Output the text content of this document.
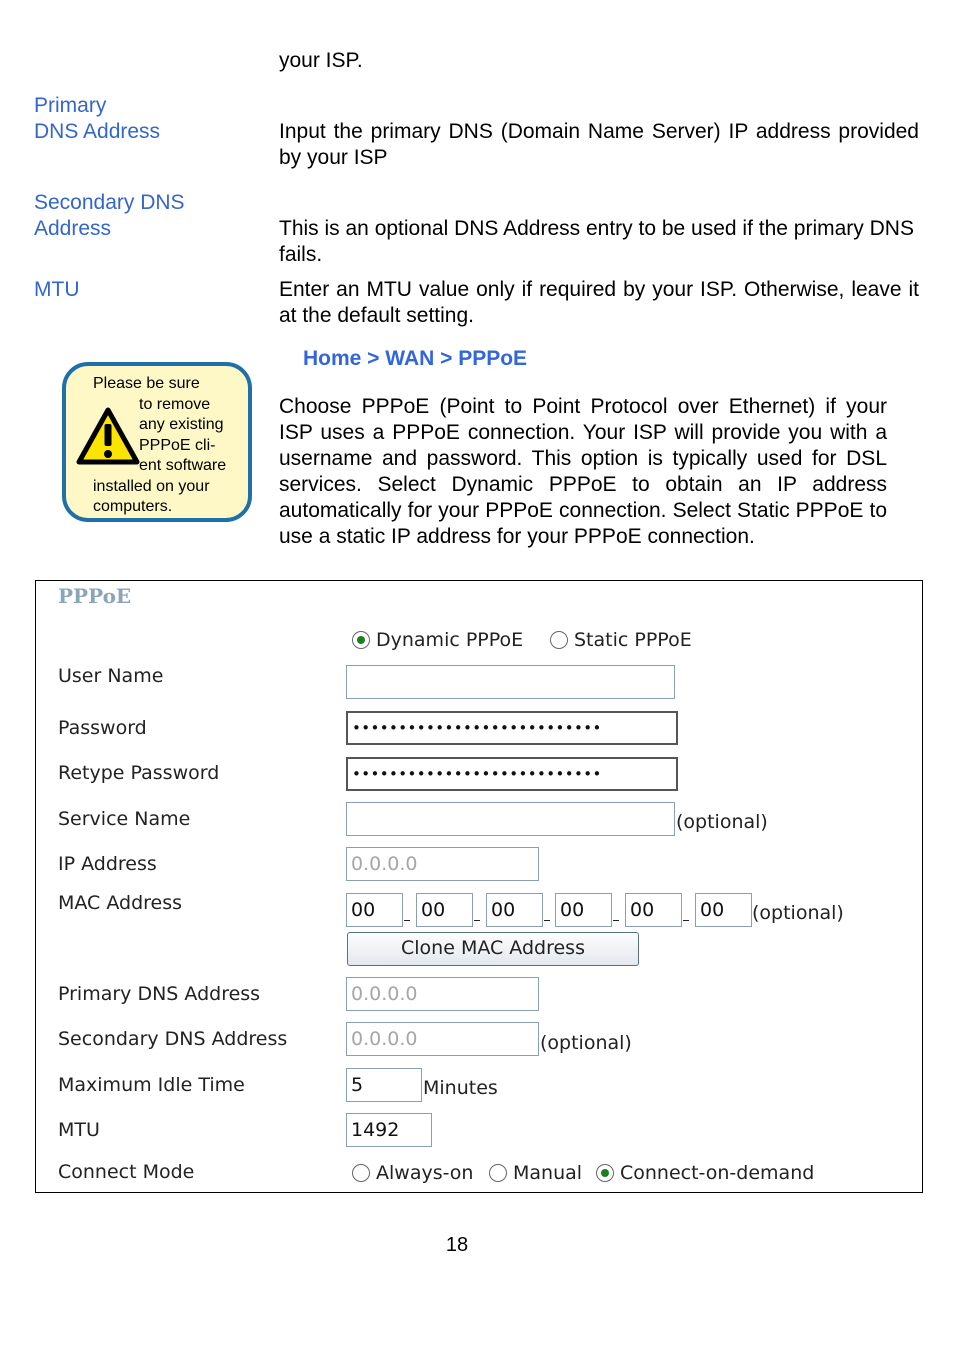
your ISP.
Primary
DNS Address	Input the primary DNS (Domain Name Server) IP address provided by your ISP
Secondary DNS
Address	This is an optional DNS Address entry to be used if the primary DNS fails.
MTU	Enter an MTU value only if required by your ISP. Otherwise, leave it at the default setting.
Home > WAN > PPPoE
Please be sure
to remove
any existing
PPPoE cli-
ent software
installed on your
computers.
Choose PPPoE (Point to Point Protocol over Ethernet) if your ISP uses a PPPoE connection. Your ISP will provide you with a username and password. This option is typically used for DSL services. Select Dynamic PPPoE to obtain an IP address automatically for your PPPoE connection. Select Static PPPoE to use a static IP address for your PPPoE connection.
PPPoE
Dynamic PPPoE	Static PPPoE
User Name
Password	•••••••••••••••••••••••••••
Retype Password	•••••••••••••••••••••••••••
Service Name	(optional)
IP Address	0.0.0.0
MAC Address	00	00	00	00	00	00	(optional)
Clone MAC Address
Primary DNS Address	0.0.0.0
Secondary DNS Address	0.0.0.0	(optional)
Maximum Idle Time	5	Minutes
MTU	1492
Connect Mode	Always-on Manual Connect-on-demand
18
